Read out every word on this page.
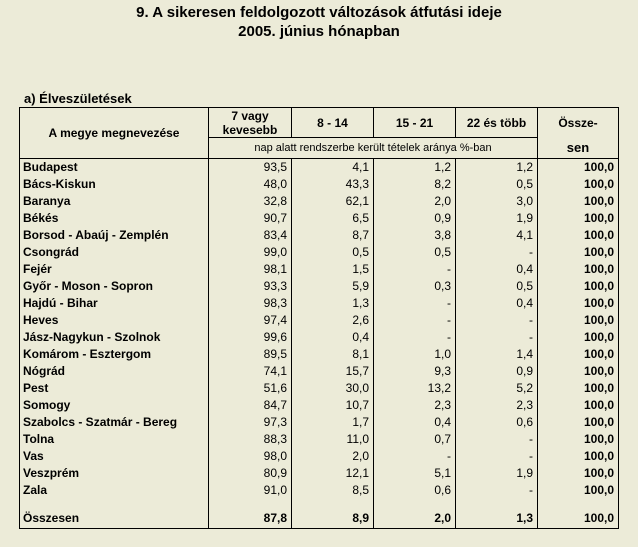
9. A sikeresen feldolgozott változások átfutási ideje
2005. június hónapban
a) Élveszületések
A megye megnevezése	7 vagy kevesebb	8 - 14	15 - 21	22 és több	Össze-
	nap alatt rendszerbe került tételek aránya %-ban				sen
Budapest	93,5	4,1	1,2	1,2	100,0
Bács-Kiskun	48,0	43,3	8,2	0,5	100,0
Baranya	32,8	62,1	2,0	3,0	100,0
Békés	90,7	6,5	0,9	1,9	100,0
Borsod - Abaúj - Zemplén	83,4	8,7	3,8	4,1	100,0
Csongrád	99,0	0,5	0,5	-	100,0
Fejér	98,1	1,5	-	0,4	100,0
Győr - Moson - Sopron	93,3	5,9	0,3	0,5	100,0
Hajdú - Bihar	98,3	1,3	-	0,4	100,0
Heves	97,4	2,6	-	-	100,0
Jász-Nagykun - Szolnok	99,6	0,4	-	-	100,0
Komárom - Esztergom	89,5	8,1	1,0	1,4	100,0
Nógrád	74,1	15,7	9,3	0,9	100,0
Pest	51,6	30,0	13,2	5,2	100,0
Somogy	84,7	10,7	2,3	2,3	100,0
Szabolcs - Szatmár - Bereg	97,3	1,7	0,4	0,6	100,0
Tolna	88,3	11,0	0,7	-	100,0
Vas	98,0	2,0	-	-	100,0
Veszprém	80,9	12,1	5,1	1,9	100,0
Zala	91,0	8,5	0,6	-	100,0

Összesen	87,8	8,9	2,0	1,3	100,0
